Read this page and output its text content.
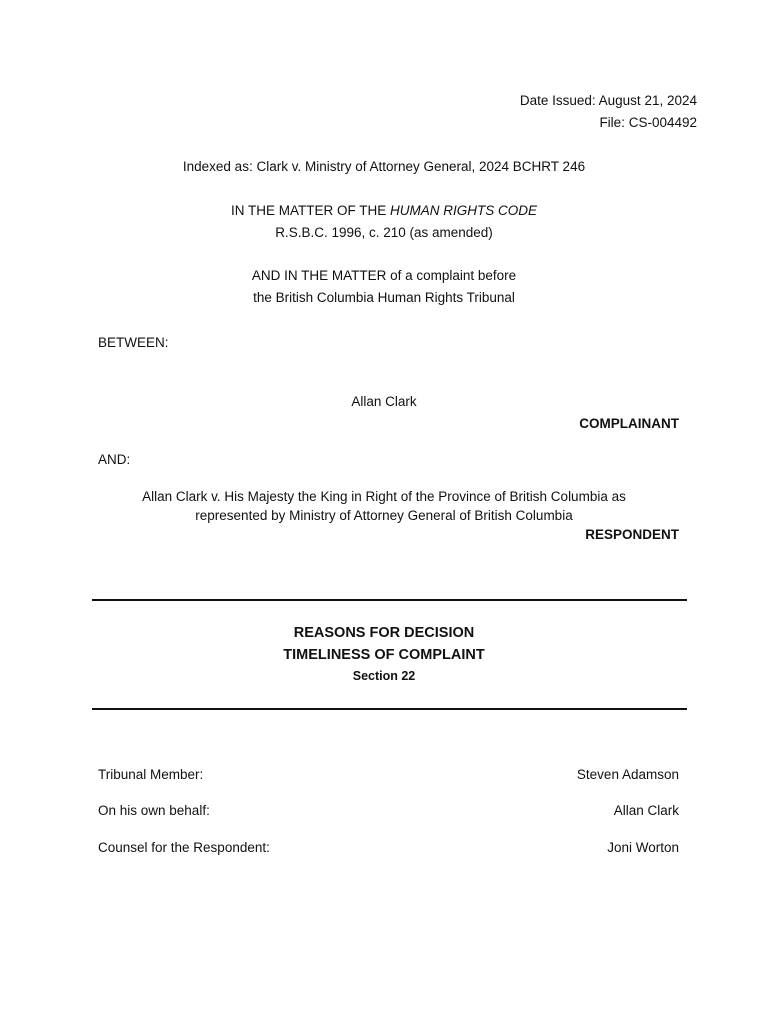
Date Issued: August 21, 2024
File: CS-004492
Indexed as: Clark v. Ministry of Attorney General, 2024 BCHRT 246
IN THE MATTER OF THE HUMAN RIGHTS CODE
R.S.B.C. 1996, c. 210 (as amended)
AND IN THE MATTER of a complaint before
the British Columbia Human Rights Tribunal
BETWEEN:
Allan Clark
COMPLAINANT
AND:
Allan Clark v. His Majesty the King in Right of the Province of British Columbia as
represented by Ministry of Attorney General of British Columbia
RESPONDENT
REASONS FOR DECISION
TIMELINESS OF COMPLAINT
Section 22
Tribunal Member:	Steven Adamson
On his own behalf:	Allan Clark
Counsel for the Respondent:	Joni Worton
